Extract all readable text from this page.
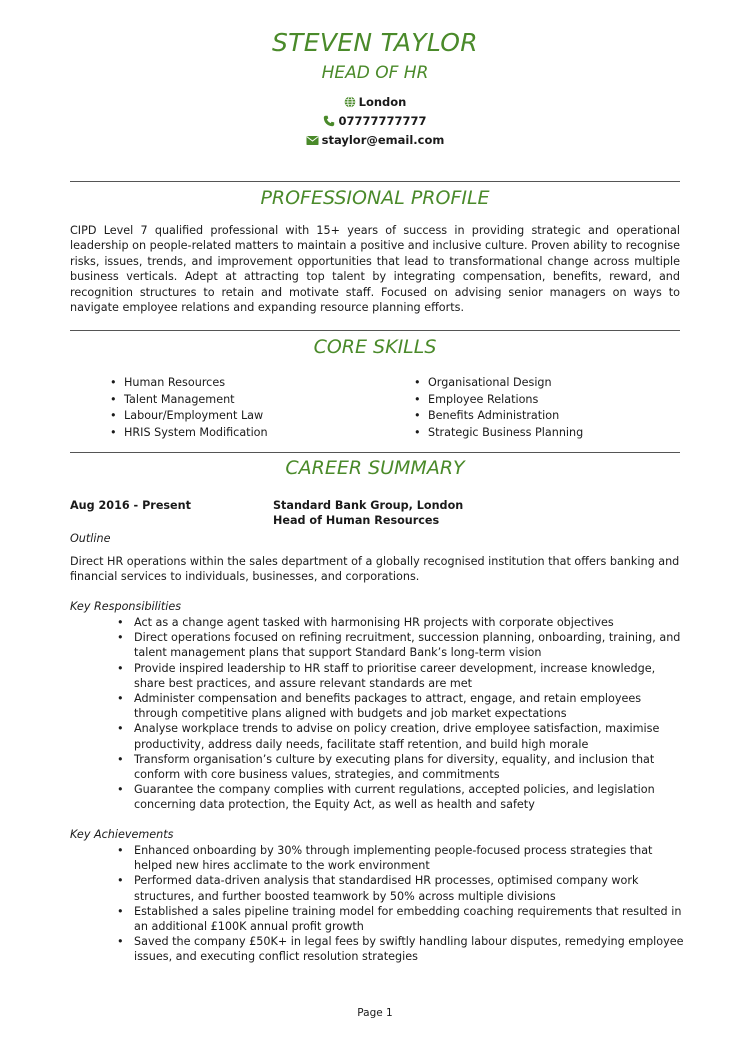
STEVEN TAYLOR
HEAD OF HR
London
07777777777
staylor@email.com
PROFESSIONAL PROFILE

CIPD Level 7 qualified professional with 15+ years of success in providing strategic and operational leadership on people-related matters to maintain a positive and inclusive culture. Proven ability to recognise risks, issues, trends, and improvement opportunities that lead to transformational change across multiple business verticals. Adept at attracting top talent by integrating compensation, benefits, reward, and recognition structures to retain and motivate staff. Focused on advising senior managers on ways to navigate employee relations and expanding resource planning efforts.

CORE SKILLS
• Human Resources
• Talent Management
• Labour/Employment Law
• HRIS System Modification
• Organisational Design
• Employee Relations
• Benefits Administration
• Strategic Business Planning
CAREER SUMMARY
Aug 2016 - Present	Standard Bank Group, London
Head of Human Resources
Outline

Direct HR operations within the sales department of a globally recognised institution that offers banking and financial services to individuals, businesses, and corporations.

Key Responsibilities
• Act as a change agent tasked with harmonising HR projects with corporate objectives
• Direct operations focused on refining recruitment, succession planning, onboarding, training, and talent management plans that support Standard Bank’s long-term vision
• Provide inspired leadership to HR staff to prioritise career development, increase knowledge, share best practices, and assure relevant standards are met
• Administer compensation and benefits packages to attract, engage, and retain employees through competitive plans aligned with budgets and job market expectations
• Analyse workplace trends to advise on policy creation, drive employee satisfaction, maximise productivity, address daily needs, facilitate staff retention, and build high morale
• Transform organisation’s culture by executing plans for diversity, equality, and inclusion that conform with core business values, strategies, and commitments
• Guarantee the company complies with current regulations, accepted policies, and legislation concerning data protection, the Equity Act, as well as health and safety
Key Achievements
• Enhanced onboarding by 30% through implementing people-focused process strategies that helped new hires acclimate to the work environment
• Performed data-driven analysis that standardised HR processes, optimised company work structures, and further boosted teamwork by 50% across multiple divisions
• Established a sales pipeline training model for embedding coaching requirements that resulted in an additional £100K annual profit growth
• Saved the company £50K+ in legal fees by swiftly handling labour disputes, remedying employee issues, and executing conflict resolution strategies
Page 1
